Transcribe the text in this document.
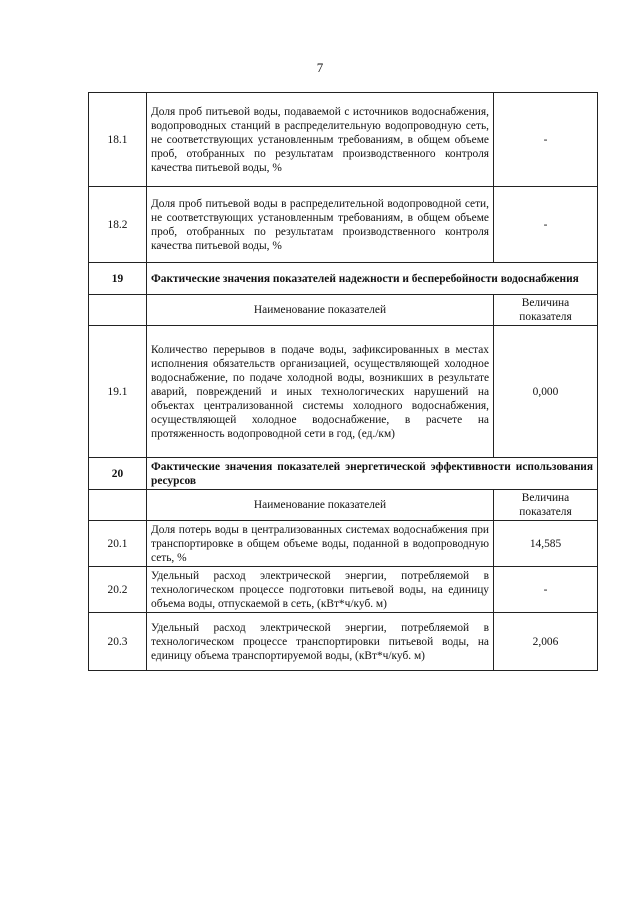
7
18.1	Доля проб питьевой воды, подаваемой с источников водоснабжения, водопроводных станций в распределительную водопроводную сеть, не соответствующих установленным требованиям, в общем объеме проб, отобранных по результатам производственного контроля качества питьевой воды, %	-
18.2	Доля проб питьевой воды в распределительной водопроводной сети, не соответствующих установленным требованиям, в общем объеме проб, отобранных по результатам производственного контроля качества питьевой воды, %	-
19	Фактические значения показателей надежности и бесперебойности водоснабжения	
	Наименование показателей	Величина показателя
19.1	Количество перерывов в подаче воды, зафиксированных в местах исполнения обязательств организацией, осуществляющей холодное водоснабжение, по подаче холодной воды, возникших в результате аварий, повреждений и иных технологических нарушений на объектах централизованной системы холодного водоснабжения, осуществляющей холодное водоснабжение, в расчете на протяженность водопроводной сети в год, (ед./км)	0,000
20	Фактические значения показателей энергетической эффективности использования ресурсов	
	Наименование показателей	Величина показателя
20.1	Доля потерь воды в централизованных системах водоснабжения при транспортировке в общем объеме воды, поданной в водопроводную сеть, %	14,585
20.2	Удельный расход электрической энергии, потребляемой в технологическом процессе подготовки питьевой воды, на единицу объема воды, отпускаемой в сеть, (кВт*ч/куб. м)	-
20.3	Удельный расход электрической энергии, потребляемой в технологическом процессе транспортировки питьевой воды, на единицу объема транспортируемой воды, (кВт*ч/куб. м)	2,006
